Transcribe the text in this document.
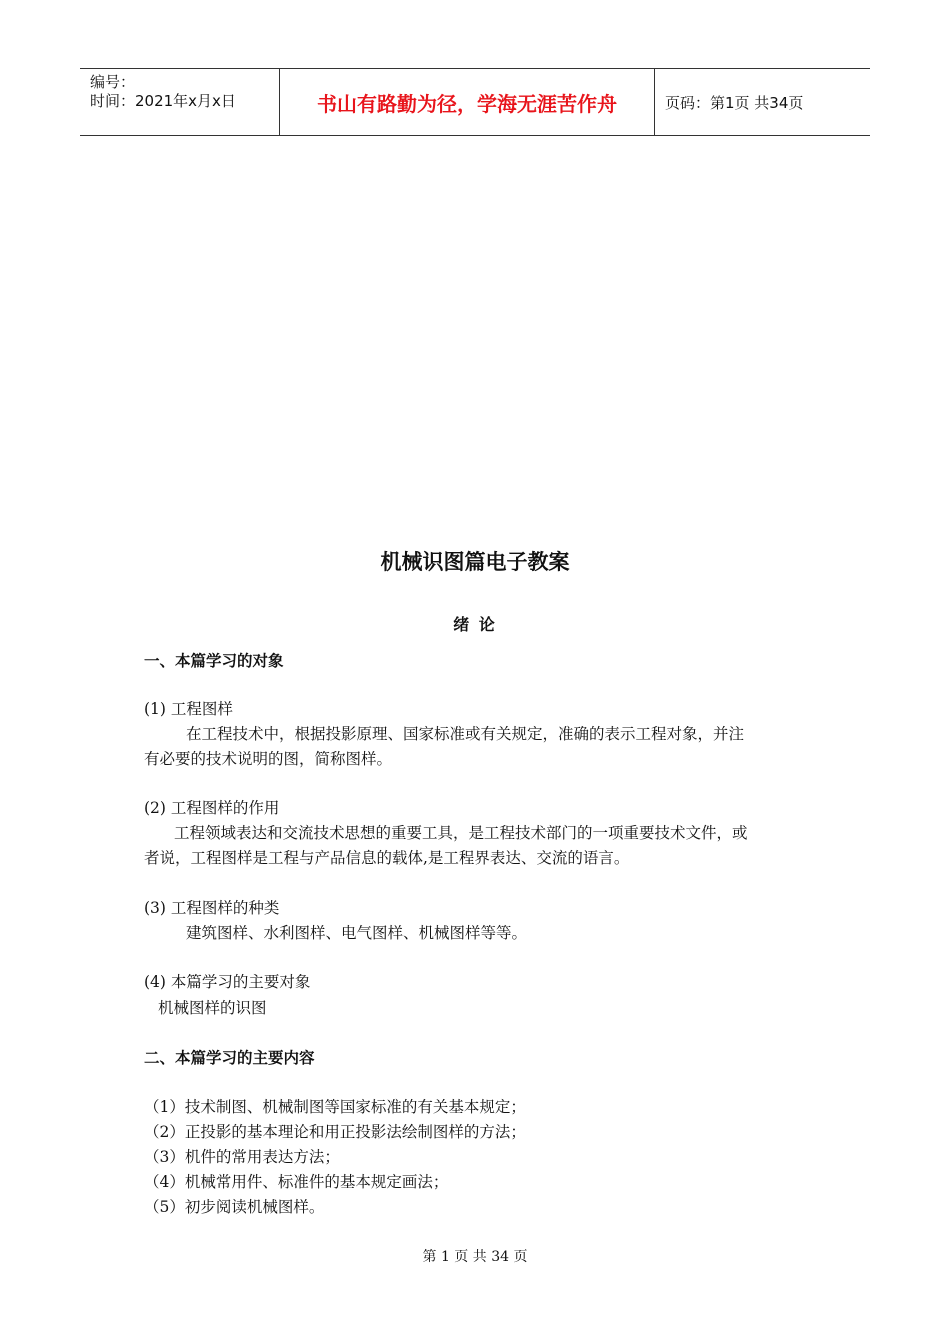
编号：
时间：2021年x月x日	书山有路勤为径，学海无涯苦作舟	页码：第1页 共34页
机械识图篇电子教案
绪 论
一、本篇学习的对象
(1) 工程图样
在工程技术中，根据投影原理、国家标准或有关规定，准确的表示工程对象，并注
有必要的技术说明的图，简称图样。
(2) 工程图样的作用
工程领域表达和交流技术思想的重要工具，是工程技术部门的一项重要技术文件，或
者说，工程图样是工程与产品信息的载体,是工程界表达、交流的语言。
(3) 工程图样的种类
建筑图样、水利图样、电气图样、机械图样等等。
(4) 本篇学习的主要对象
机械图样的识图
二、本篇学习的主要内容
（1）技术制图、机械制图等国家标准的有关基本规定；
（2）正投影的基本理论和用正投影法绘制图样的方法；
（3）机件的常用表达方法；
（4）机械常用件、标准件的基本规定画法；
（5）初步阅读机械图样。
第 1 页 共 34 页
